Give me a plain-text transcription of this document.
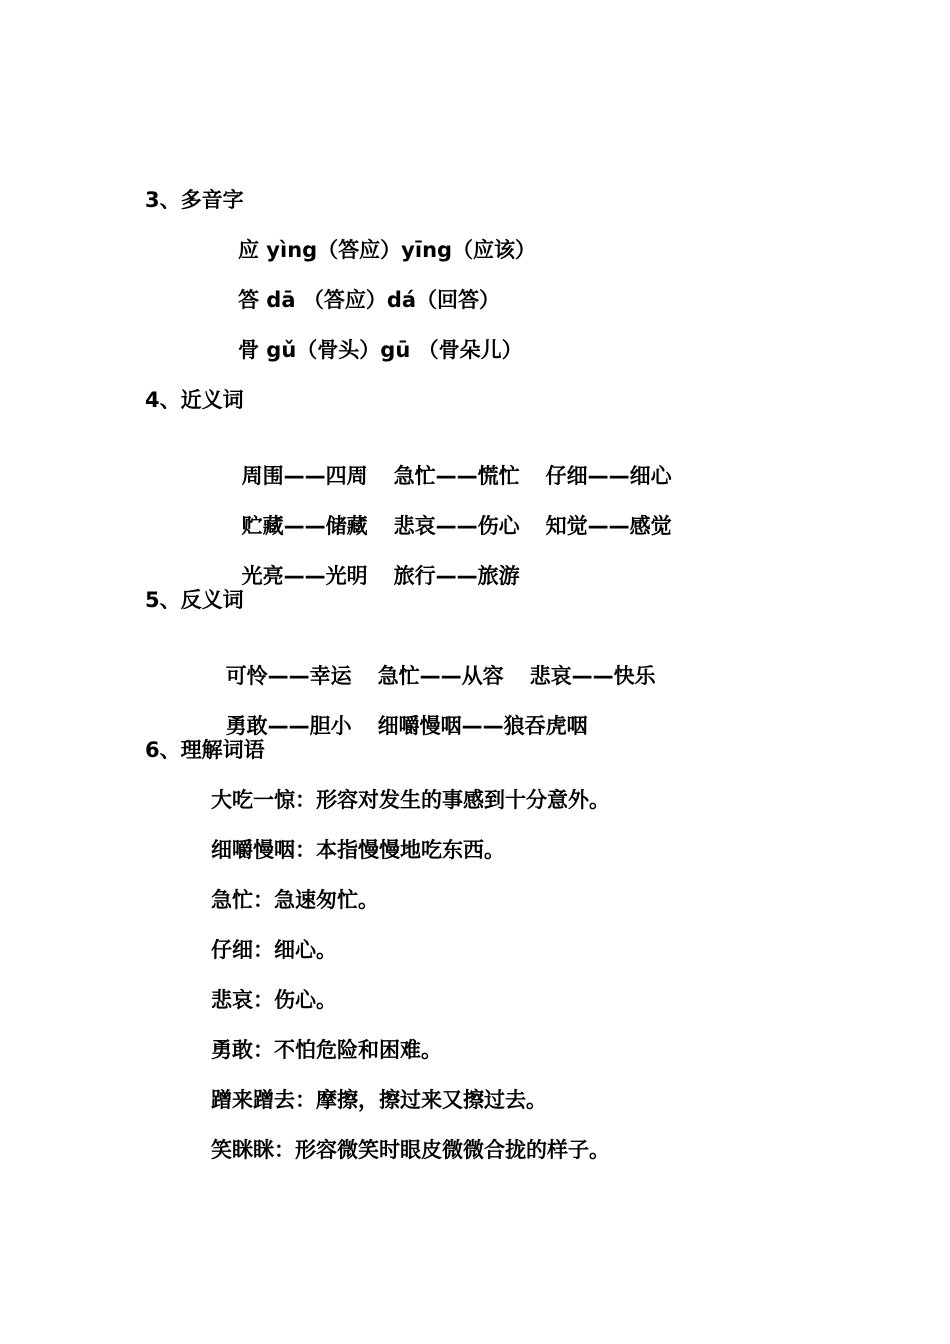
3、多音字
应 yìng（答应）yīng（应该）
答 dā （答应）dá（回答）
骨 gǔ（骨头）gū （骨朵儿）
4、近义词

周围——四周 急忙——慌忙 仔细——细心

贮藏——储藏 悲哀——伤心 知觉——感觉

光亮——光明 旅行——旅游

5、反义词

可怜——幸运 急忙——从容 悲哀——快乐

勇敢——胆小 细嚼慢咽——狼吞虎咽

6、理解词语
大吃一惊：形容对发生的事感到十分意外。
细嚼慢咽：本指慢慢地吃东西。
急忙：急速匆忙。
仔细：细心。
悲哀：伤心。
勇敢：不怕危险和困难。
蹭来蹭去：摩擦，擦过来又擦过去。
笑眯眯：形容微笑时眼皮微微合拢的样子。
